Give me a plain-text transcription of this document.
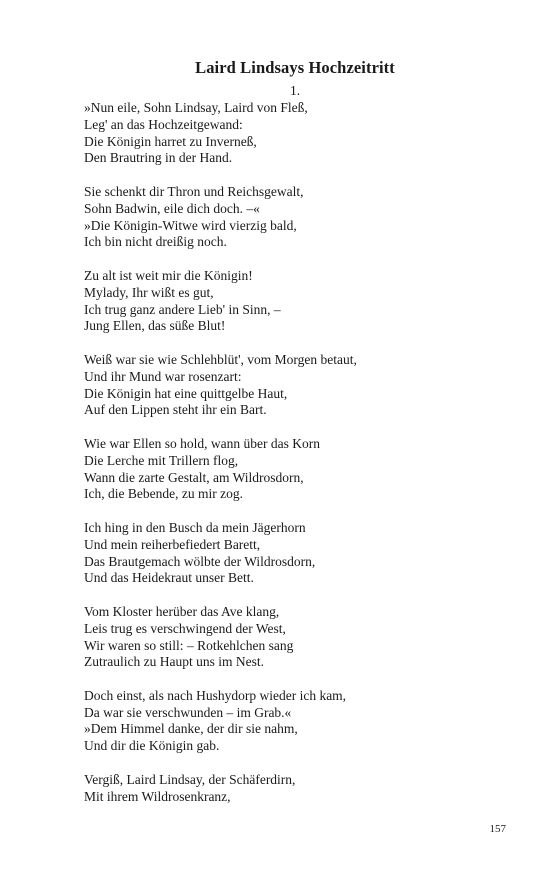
Laird Lindsays Hochzeitritt
1.
»Nun eile, Sohn Lindsay, Laird von Fleß,
Leg' an das Hochzeitgewand:
Die Königin harret zu Inverneß,
Den Brautring in der Hand.
Sie schenkt dir Thron und Reichsgewalt,
Sohn Badwin, eile dich doch. –«
»Die Königin-Witwe wird vierzig bald,
Ich bin nicht dreißig noch.
Zu alt ist weit mir die Königin!
Mylady, Ihr wißt es gut,
Ich trug ganz andere Lieb' in Sinn, –
Jung Ellen, das süße Blut!
Weiß war sie wie Schlehblüt', vom Morgen betaut,
Und ihr Mund war rosenzart:
Die Königin hat eine quittgelbe Haut,
Auf den Lippen steht ihr ein Bart.
Wie war Ellen so hold, wann über das Korn
Die Lerche mit Trillern flog,
Wann die zarte Gestalt, am Wildrosdorn,
Ich, die Bebende, zu mir zog.
Ich hing in den Busch da mein Jägerhorn
Und mein reiherbefiedert Barett,
Das Brautgemach wölbte der Wildrosdorn,
Und das Heidekraut unser Bett.
Vom Kloster herüber das Ave klang,
Leis trug es verschwingend der West,
Wir waren so still: – Rotkehlchen sang
Zutraulich zu Haupt uns im Nest.
Doch einst, als nach Hushydorp wieder ich kam,
Da war sie verschwunden – im Grab.«
»Dem Himmel danke, der dir sie nahm,
Und dir die Königin gab.
Vergiß, Laird Lindsay, der Schäferdirn,
Mit ihrem Wildrosenkranz,
157
